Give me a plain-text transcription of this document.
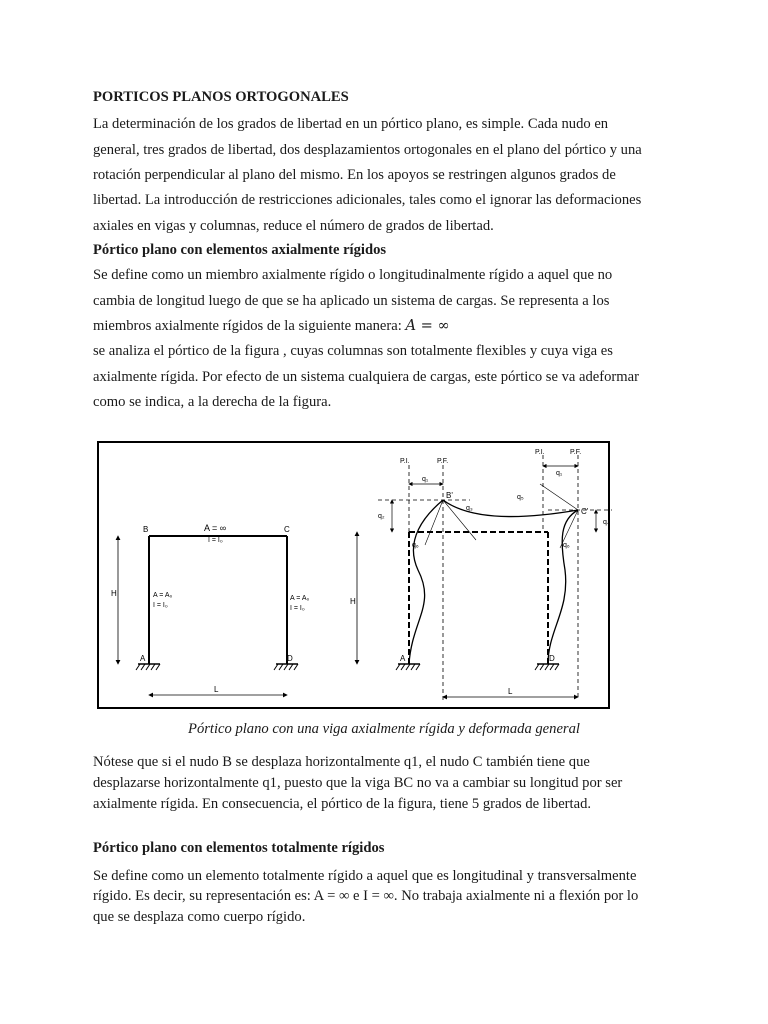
PORTICOS PLANOS ORTOGONALES
La determinación de los grados de libertad en un pórtico plano, es simple. Cada nudo en
general, tres grados de libertad, dos desplazamientos ortogonales en el plano del pórtico y una
rotación perpendicular al plano del mismo. En los apoyos se restringen algunos grados de
libertad. La introducción de restricciones adicionales, tales como el ignorar las deformaciones
axiales en vigas y columnas, reduce el número de grados de libertad.
Pórtico plano con elementos axialmente rígidos
Se define como un miembro axialmente rígido o longitudinalmente rígido a aquel que no
cambia de longitud luego de que se ha aplicado un sistema de cargas. Se representa a los
miembros axialmente rígidos de la siguiente manera: A = ∞
se analiza el pórtico de la figura , cuyas columnas son totalmente flexibles y cuya viga es
axialmente rígida. Por efecto de un sistema cualquiera de cargas, este pórtico se va adeformar
como se indica, a la derecha de la figura.
B	C
A	D
A = ∞
I = I₀
A = A₀
I = I₀
A = A₀
I = I₀
H
L
P.I.	P.F.
P.I.	P.F.
q₁
q₁
q₂
q₃
q₄
q₅
q₆	q₆
B'
C'
A	D
H
L
Pórtico plano con una viga axialmente rígida y deformada general
Nótese que si el nudo B se desplaza horizontalmente q1, el nudo C también tiene que
desplazarse horizontalmente q1, puesto que la viga BC no va a cambiar su longitud por ser
axialmente rígida. En consecuencia, el pórtico de la figura, tiene 5 grados de libertad.
Pórtico plano con elementos totalmente rígidos
Se define como un elemento totalmente rígido a aquel que es longitudinal y transversalmente
rígido. Es decir, su representación es: A = ∞ e I = ∞. No trabaja axialmente ni a flexión por lo
que se desplaza como cuerpo rígido.
